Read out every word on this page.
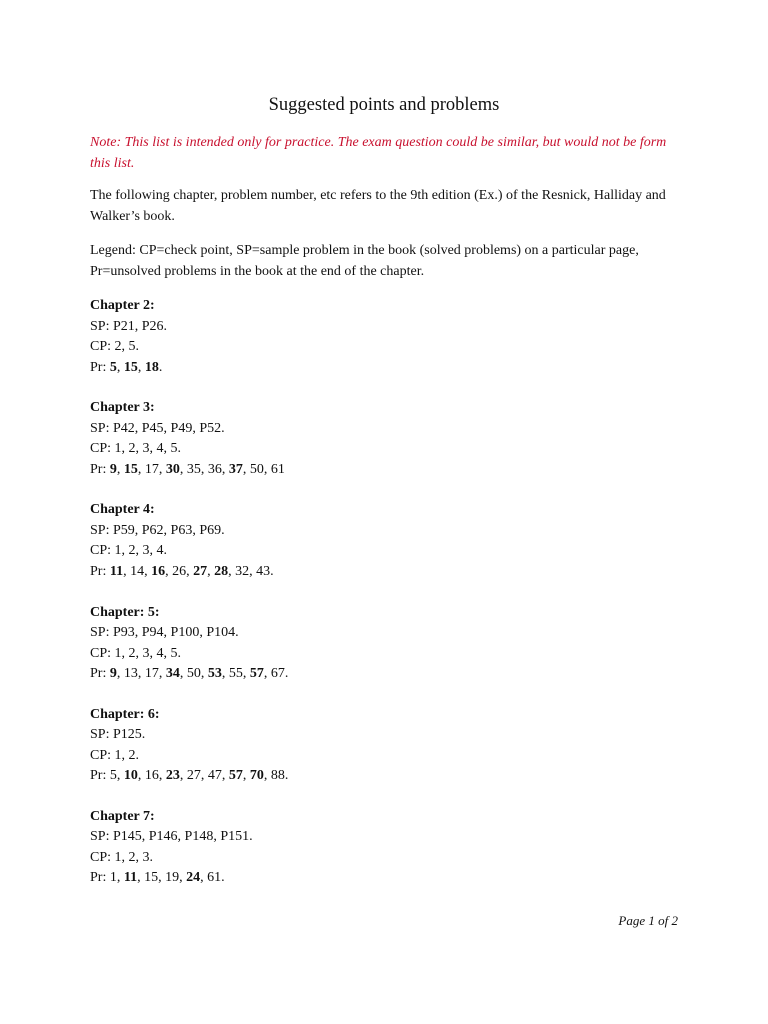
Suggested points and problems
Note: This list is intended only for practice. The exam question could be similar, but would not be form this list.
The following chapter, problem number, etc refers to the 9th edition (Ex.) of the Resnick, Halliday and Walker’s book.
Legend: CP=check point, SP=sample problem in the book (solved problems) on a particular page, Pr=unsolved problems in the book at the end of the chapter.
Chapter 2:
SP: P21, P26.
CP: 2, 5.
Pr: 5, 15, 18.
Chapter 3:
SP: P42, P45, P49, P52.
CP: 1, 2, 3, 4, 5.
Pr: 9, 15, 17, 30, 35, 36, 37, 50, 61
Chapter 4:
SP: P59, P62, P63, P69.
CP: 1, 2, 3, 4.
Pr: 11, 14, 16, 26, 27, 28, 32, 43.
Chapter: 5:
SP: P93, P94, P100, P104.
CP: 1, 2, 3, 4, 5.
Pr: 9, 13, 17, 34, 50, 53, 55, 57, 67.
Chapter: 6:
SP: P125.
CP: 1, 2.
Pr: 5, 10, 16, 23, 27, 47, 57, 70, 88.
Chapter 7:
SP: P145, P146, P148, P151.
CP: 1, 2, 3.
Pr: 1, 11, 15, 19, 24, 61.
Page 1 of 2
